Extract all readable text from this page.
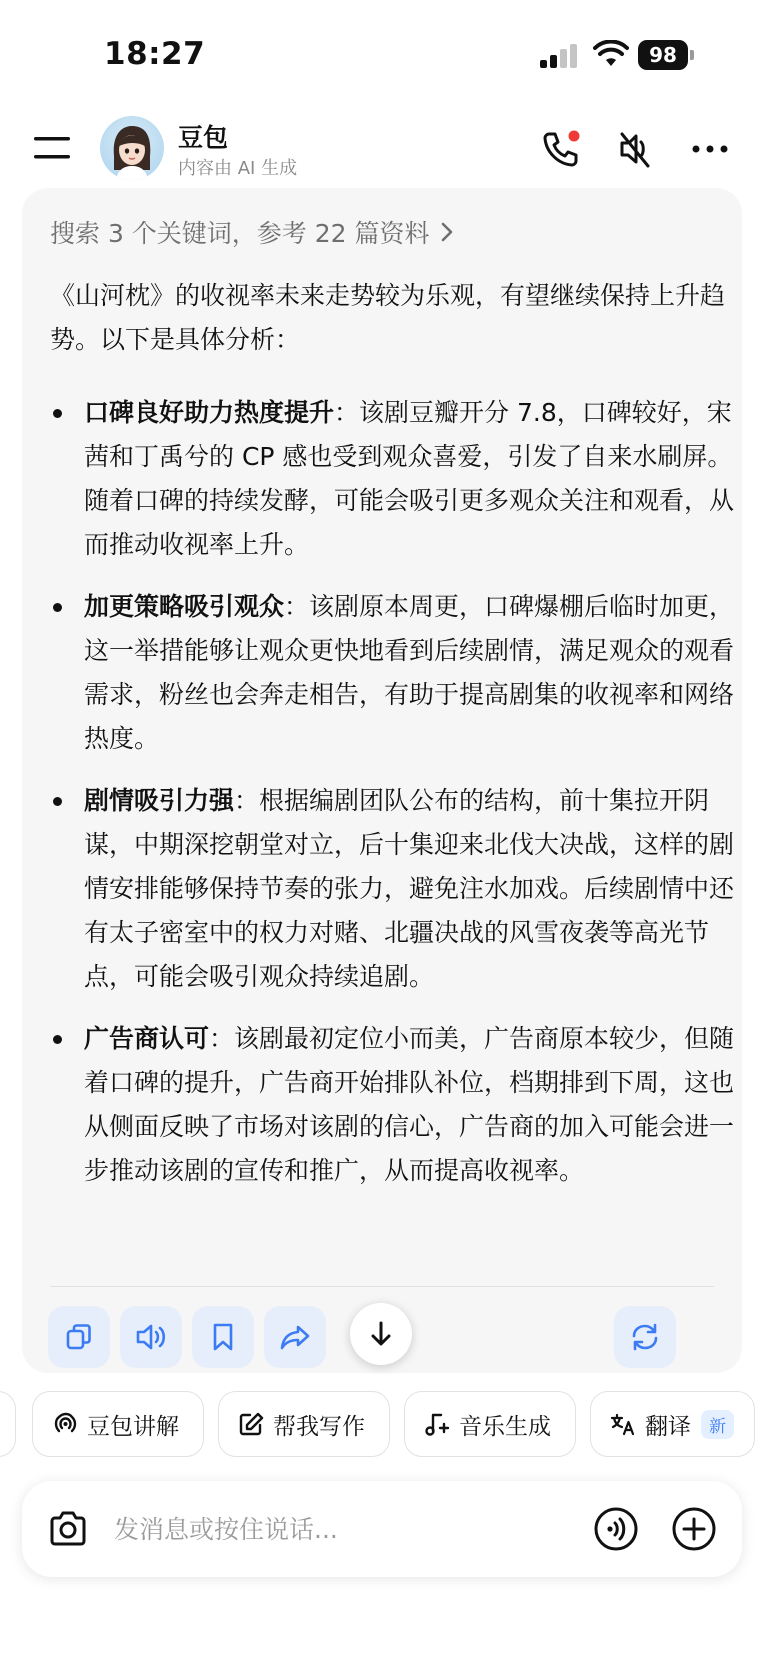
18:27	98
豆包
内容由 AI 生成
搜索 3 个关键词，参考 22 篇资料
《山河枕》的收视率未来走势较为乐观，有望继续保持上升趋势。以下是具体分析：
口碑良好助力热度提升：该剧豆瓣开分 7.8，口碑较好，宋茜和丁禹兮的 CP 感也受到观众喜爱，引发了自来水刷屏。随着口碑的持续发酵，可能会吸引更多观众关注和观看，从而推动收视率上升。
加更策略吸引观众：该剧原本周更，口碑爆棚后临时加更，这一举措能够让观众更快地看到后续剧情，满足观众的观看需求，粉丝也会奔走相告，有助于提高剧集的收视率和网络热度。
剧情吸引力强：根据编剧团队公布的结构，前十集拉开阴谋，中期深挖朝堂对立，后十集迎来北伐大决战，这样的剧情安排能够保持节奏的张力，避免注水加戏。后续剧情中还有太子密室中的权力对赌、北疆决战的风雪夜袭等高光节点，可能会吸引观众持续追剧。
广告商认可：该剧最初定位小而美，广告商原本较少，但随着口碑的提升，广告商开始排队补位，档期排到下周，这也从侧面反映了市场对该剧的信心，广告商的加入可能会进一步推动该剧的宣传和推广，从而提高收视率。
豆包讲解	帮我写作	音乐生成	翻译	新
发消息或按住说话...
